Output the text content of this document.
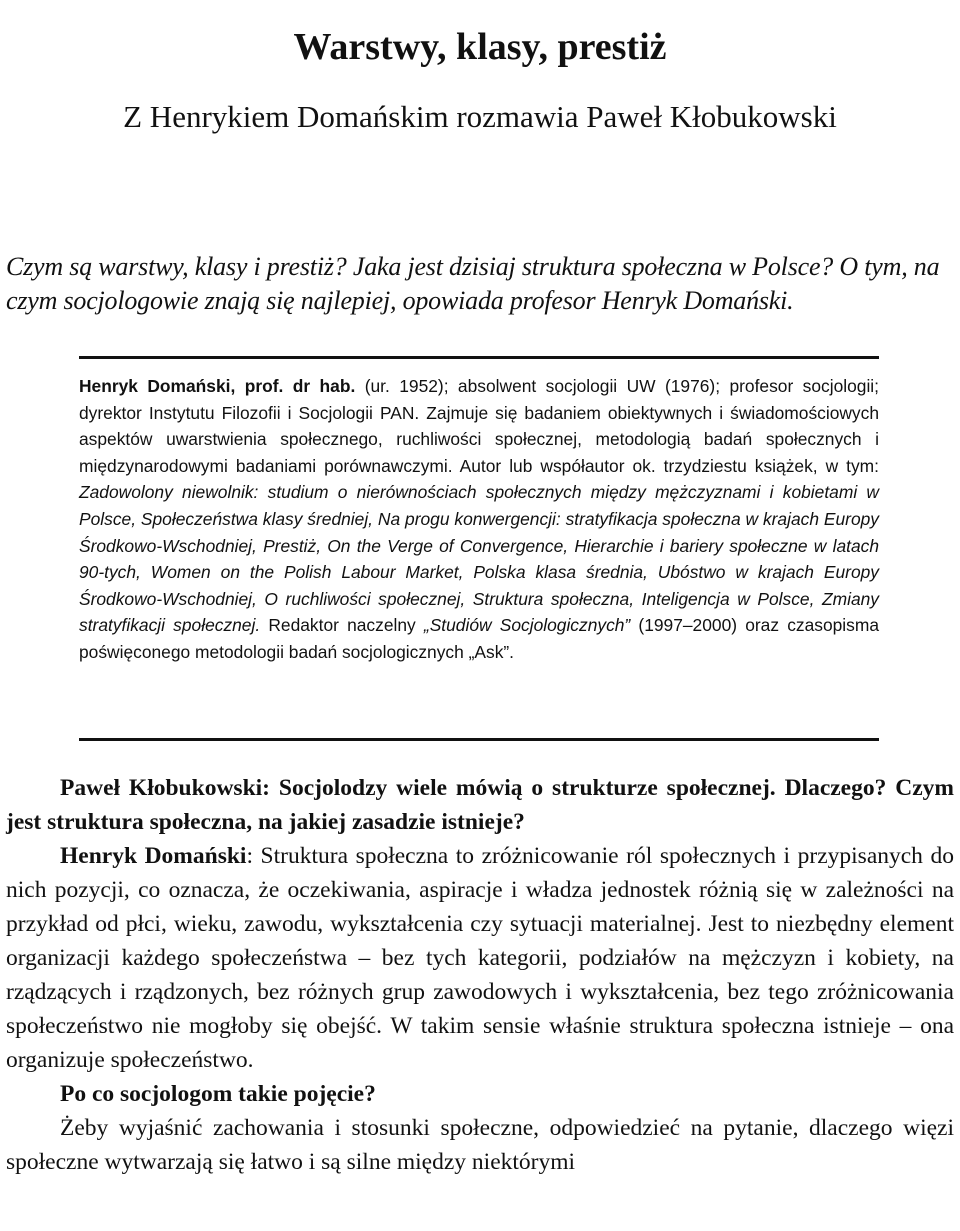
Warstwy, klasy, prestiż
Z Henrykiem Domańskim rozmawia Paweł Kłobukowski
Czym są warstwy, klasy i prestiż? Jaka jest dzisiaj struktura społeczna w Polsce? O tym, na czym socjologowie znają się najlepiej, opowiada profesor Henryk Domański.
Henryk Domański, prof. dr hab. (ur. 1952); absolwent socjologii UW (1976); profesor socjologii; dyrektor Instytutu Filozofii i Socjologii PAN. Zajmuje się badaniem obiektywnych i świadomościowych aspektów uwarstwienia społecznego, ruchliwości społecznej, metodologią badań społecznych i międzynarodowymi badaniami porównawczymi. Autor lub współautor ok. trzydziestu książek, w tym: Zadowolony niewolnik: studium o nierównościach społecznych między mężczyznami i kobietami w Polsce, Społeczeństwa klasy średniej, Na progu konwergencji: stratyfikacja społeczna w krajach Europy Środkowo-Wschodniej, Prestiż, On the Verge of Convergence, Hierarchie i bariery społeczne w latach 90-tych, Women on the Polish Labour Market, Polska klasa średnia, Ubóstwo w krajach Europy Środkowo-Wschodniej, O ruchliwości społecznej, Struktura społeczna, Inteligencja w Polsce, Zmiany stratyfikacji społecznej. Redaktor naczelny „Studiów Socjologicznych” (1997–2000) oraz czasopisma poświęconego metodologii badań socjologicznych „Ask”.

Paweł Kłobukowski: Socjolodzy wiele mówią o strukturze społecznej. Dlaczego? Czym jest struktura społeczna, na jakiej zasadzie istnieje?

Henryk Domański: Struktura społeczna to zróżnicowanie ról społecznych i przypisanych do nich pozycji, co oznacza, że oczekiwania, aspiracje i władza jednostek różnią się w zależności na przykład od płci, wieku, zawodu, wykształcenia czy sytuacji materialnej. Jest to niezbędny element organizacji każdego społeczeństwa – bez tych kategorii, podziałów na mężczyzn i kobiety, na rządzących i rządzonych, bez różnych grup zawodowych i wykształcenia, bez tego zróżnicowania społeczeństwo nie mogłoby się obejść. W takim sensie właśnie struktura społeczna istnieje – ona organizuje społeczeństwo.

Po co socjologom takie pojęcie?

Żeby wyjaśnić zachowania i stosunki społeczne, odpowiedzieć na pytanie, dlaczego więzi społeczne wytwarzają się łatwo i są silne między niektórymi
